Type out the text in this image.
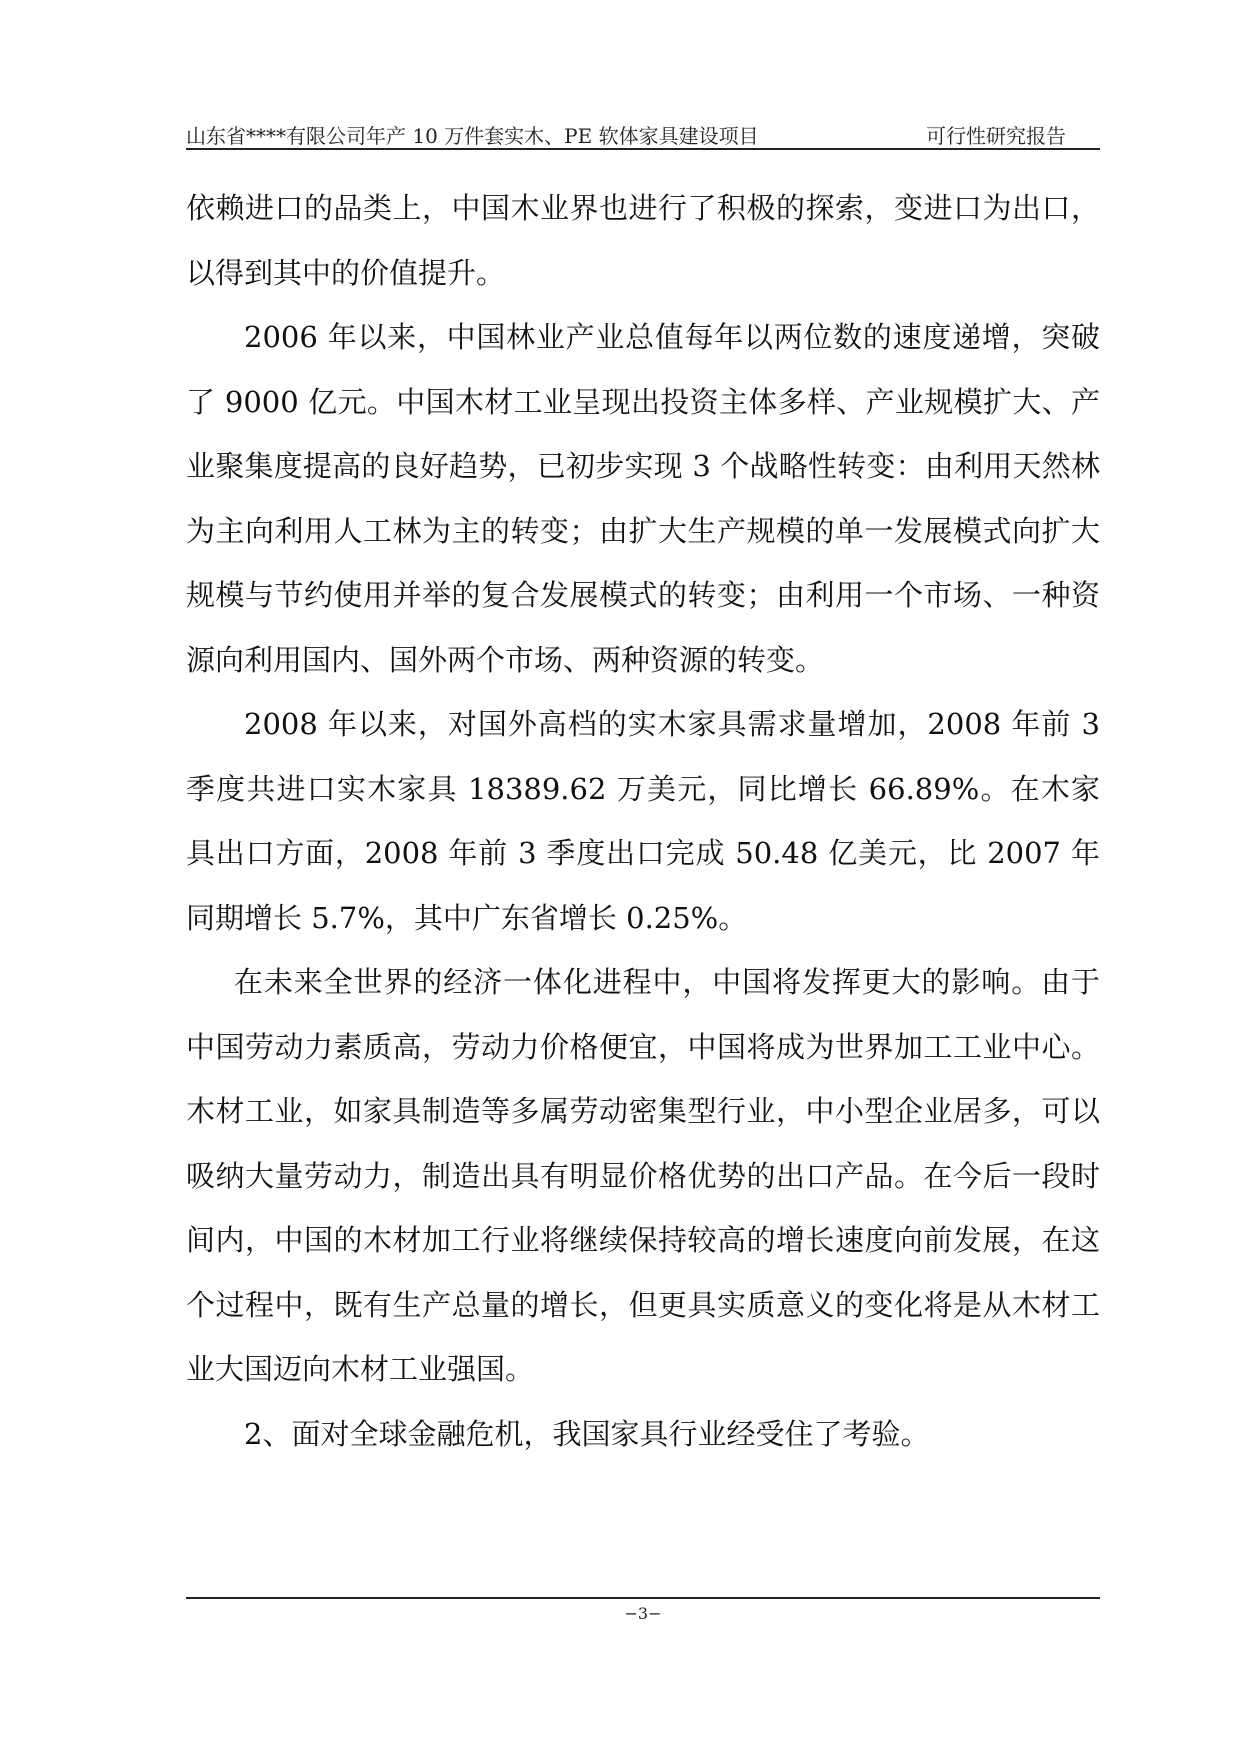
山东省****有限公司年产 10 万件套实木、PE 软体家具建设项目	可行性研究报告

依赖进口的品类上，中国木业界也进行了积极的探索，变进口为出口，以得到其中的价值提升。

2006 年以来，中国林业产业总值每年以两位数的速度递增，突破了 9000 亿元。中国木材工业呈现出投资主体多样、产业规模扩大、产业聚集度提高的良好趋势，已初步实现 3 个战略性转变：由利用天然林为主向利用人工林为主的转变；由扩大生产规模的单一发展模式向扩大规模与节约使用并举的复合发展模式的转变；由利用一个市场、一种资源向利用国内、国外两个市场、两种资源的转变。

2008 年以来，对国外高档的实木家具需求量增加，2008 年前 3 季度共进口实木家具 18389.62 万美元，同比增长 66.89%。在木家具出口方面，2008 年前 3 季度出口完成 50.48 亿美元，比 2007 年同期增长 5.7%，其中广东省增长 0.25%。

在未来全世界的经济一体化进程中，中国将发挥更大的影响。由于中国劳动力素质高，劳动力价格便宜，中国将成为世界加工工业中心。木材工业，如家具制造等多属劳动密集型行业，中小型企业居多，可以吸纳大量劳动力，制造出具有明显价格优势的出口产品。在今后一段时间内，中国的木材加工行业将继续保持较高的增长速度向前发展，在这个过程中，既有生产总量的增长，但更具实质意义的变化将是从木材工业大国迈向木材工业强国。

2、面对全球金融危机，我国家具行业经受住了考验。

−3−
